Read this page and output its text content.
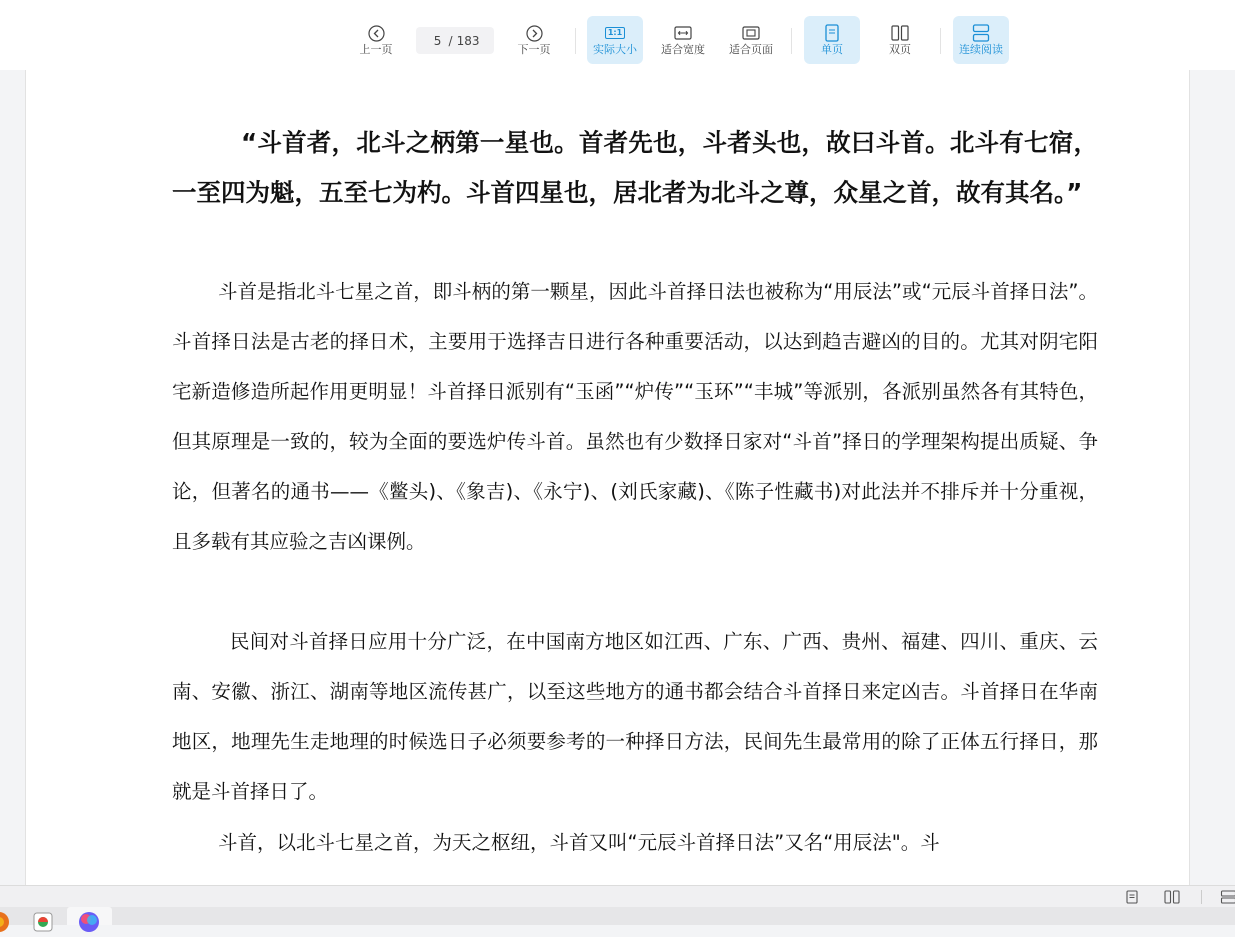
上一页
5
/ 183
下一页
1:1
实际大小 适合宽度 适合页面	单页	双页	连续阅读

“斗首者，北斗之柄第一星也。首者先也，斗者头也，故曰斗首。北斗有七宿，一至四为魁，五至七为杓。斗首四星也，居北者为北斗之尊，众星之首，故有其名。”

斗首是指北斗七星之首，即斗柄的第一颗星，因此斗首择日法也被称为“用辰法”或“元辰斗首择日法”。斗首择日法是古老的择日术，主要用于选择吉日进行各种重要活动，以达到趋吉避凶的目的。尤其对阴宅阳宅新造修造所起作用更明显！斗首择日派别有“玉函”“炉传”“玉环”“丰城”等派别，各派别虽然各有其特色，但其原理是一致的，较为全面的要选炉传斗首。虽然也有少数择日家对“斗首”择日的学理架构提出质疑、争论，但著名的通书——《鳖头)、《象吉)、《永宁)、(刘氏家藏)、《陈子性藏书)对此法并不排斥并十分重视，且多载有其应验之吉凶课例。

民间对斗首择日应用十分广泛，在中国南方地区如江西、广东、广西、贵州、福建、四川、重庆、云南、安徽、浙江、湖南等地区流传甚广，以至这些地方的通书都会结合斗首择日来定凶吉。斗首择日在华南地区，地理先生走地理的时候选日子必须要参考的一种择日方法，民间先生最常用的除了正体五行择日，那就是斗首择日了。

斗首，以北斗七星之首，为天之枢纽，斗首又叫“元辰斗首择日法”又名“用辰法"。斗
